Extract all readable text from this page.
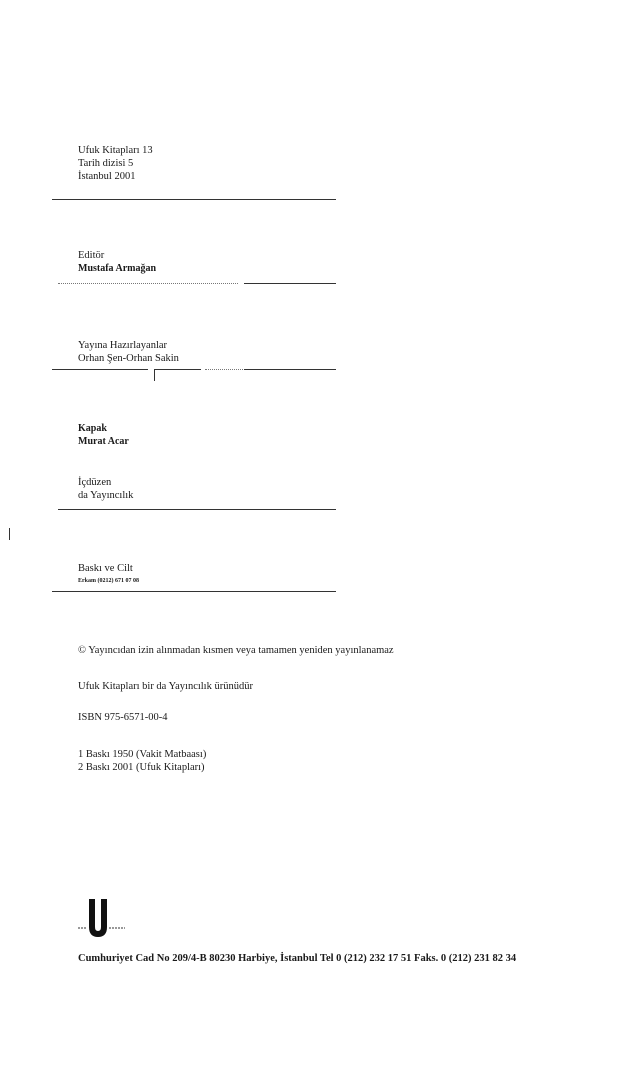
Ufuk Kitapları 13
Tarih dizisi 5
İstanbul 2001
Editör
Mustafa Armağan
Yayına Hazırlayanlar
Orhan Şen-Orhan Sakin
Kapak
Murat Acar
İçdüzen
da Yayıncılık
Baskı ve Cilt
Erkam (0212) 671 07 08
© Yayıncıdan izin alınmadan kısmen veya tamamen yeniden yayınlanamaz
Ufuk Kitapları bir da Yayıncılık ürünüdür
ISBN 975-6571-00-4
1 Baskı 1950 (Vakit Matbaası)
2 Baskı 2001 (Ufuk Kitapları)
Cumhuriyet Cad No 209/4-B 80230 Harbiye, İstanbul Tel 0 (212) 232 17 51 Faks. 0 (212) 231 82 34
